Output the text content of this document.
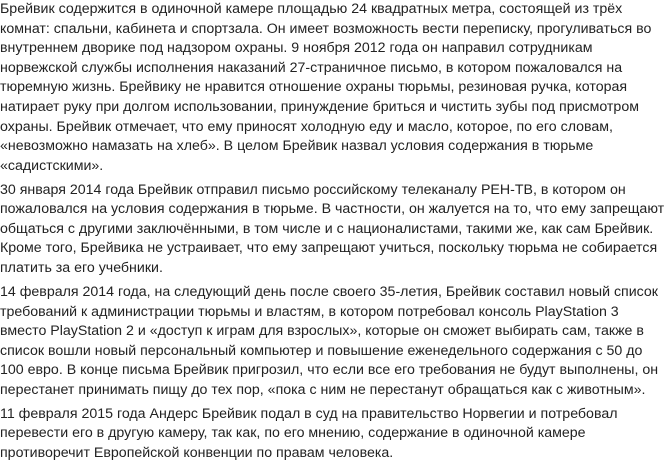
Брейвик содержится в одиночной камере площадью 24 квадратных метра, состоящей из трёх
комнат: спальни, кабинета и спортзала. Он имеет возможность вести переписку, прогуливаться во
внутреннем дворике под надзором охраны. 9 ноября 2012 года он направил сотрудникам
норвежской службы исполнения наказаний 27-страничное письмо, в котором пожаловался на
тюремную жизнь. Брейвику не нравится отношение охраны тюрьмы, резиновая ручка, которая
натирает руку при долгом использовании, принуждение бриться и чистить зубы под присмотром
охраны. Брейвик отмечает, что ему приносят холодную еду и масло, которое, по его словам,
«невозможно намазать на хлеб». В целом Брейвик назвал условия содержания в тюрьме
«садистскими».

30 января 2014 года Брейвик отправил письмо российскому телеканалу РЕН-ТВ, в котором он
пожаловался на условия содержания в тюрьме. В частности, он жалуется на то, что ему запрещают
общаться с другими заключёнными, в том числе и с националистами, такими же, как сам Брейвик.
Кроме того, Брейвика не устраивает, что ему запрещают учиться, поскольку тюрьма не собирается
платить за его учебники.

14 февраля 2014 года, на следующий день после своего 35-летия, Брейвик составил новый список
требований к администрации тюрьмы и властям, в котором потребовал консоль PlayStation 3
вместо PlayStation 2 и «доступ к играм для взрослых», которые он сможет выбирать сам, также в
список вошли новый персональный компьютер и повышение еженедельного содержания с 50 до
100 евро. В конце письма Брейвик пригрозил, что если все его требования не будут выполнены, он
перестанет принимать пищу до тех пор, «пока с ним не перестанут обращаться как с животным».

11 февраля 2015 года Андерс Брейвик подал в суд на правительство Норвегии и потребовал
перевести его в другую камеру, так как, по его мнению, содержание в одиночной камере
противоречит Европейской конвенции по правам человека.
